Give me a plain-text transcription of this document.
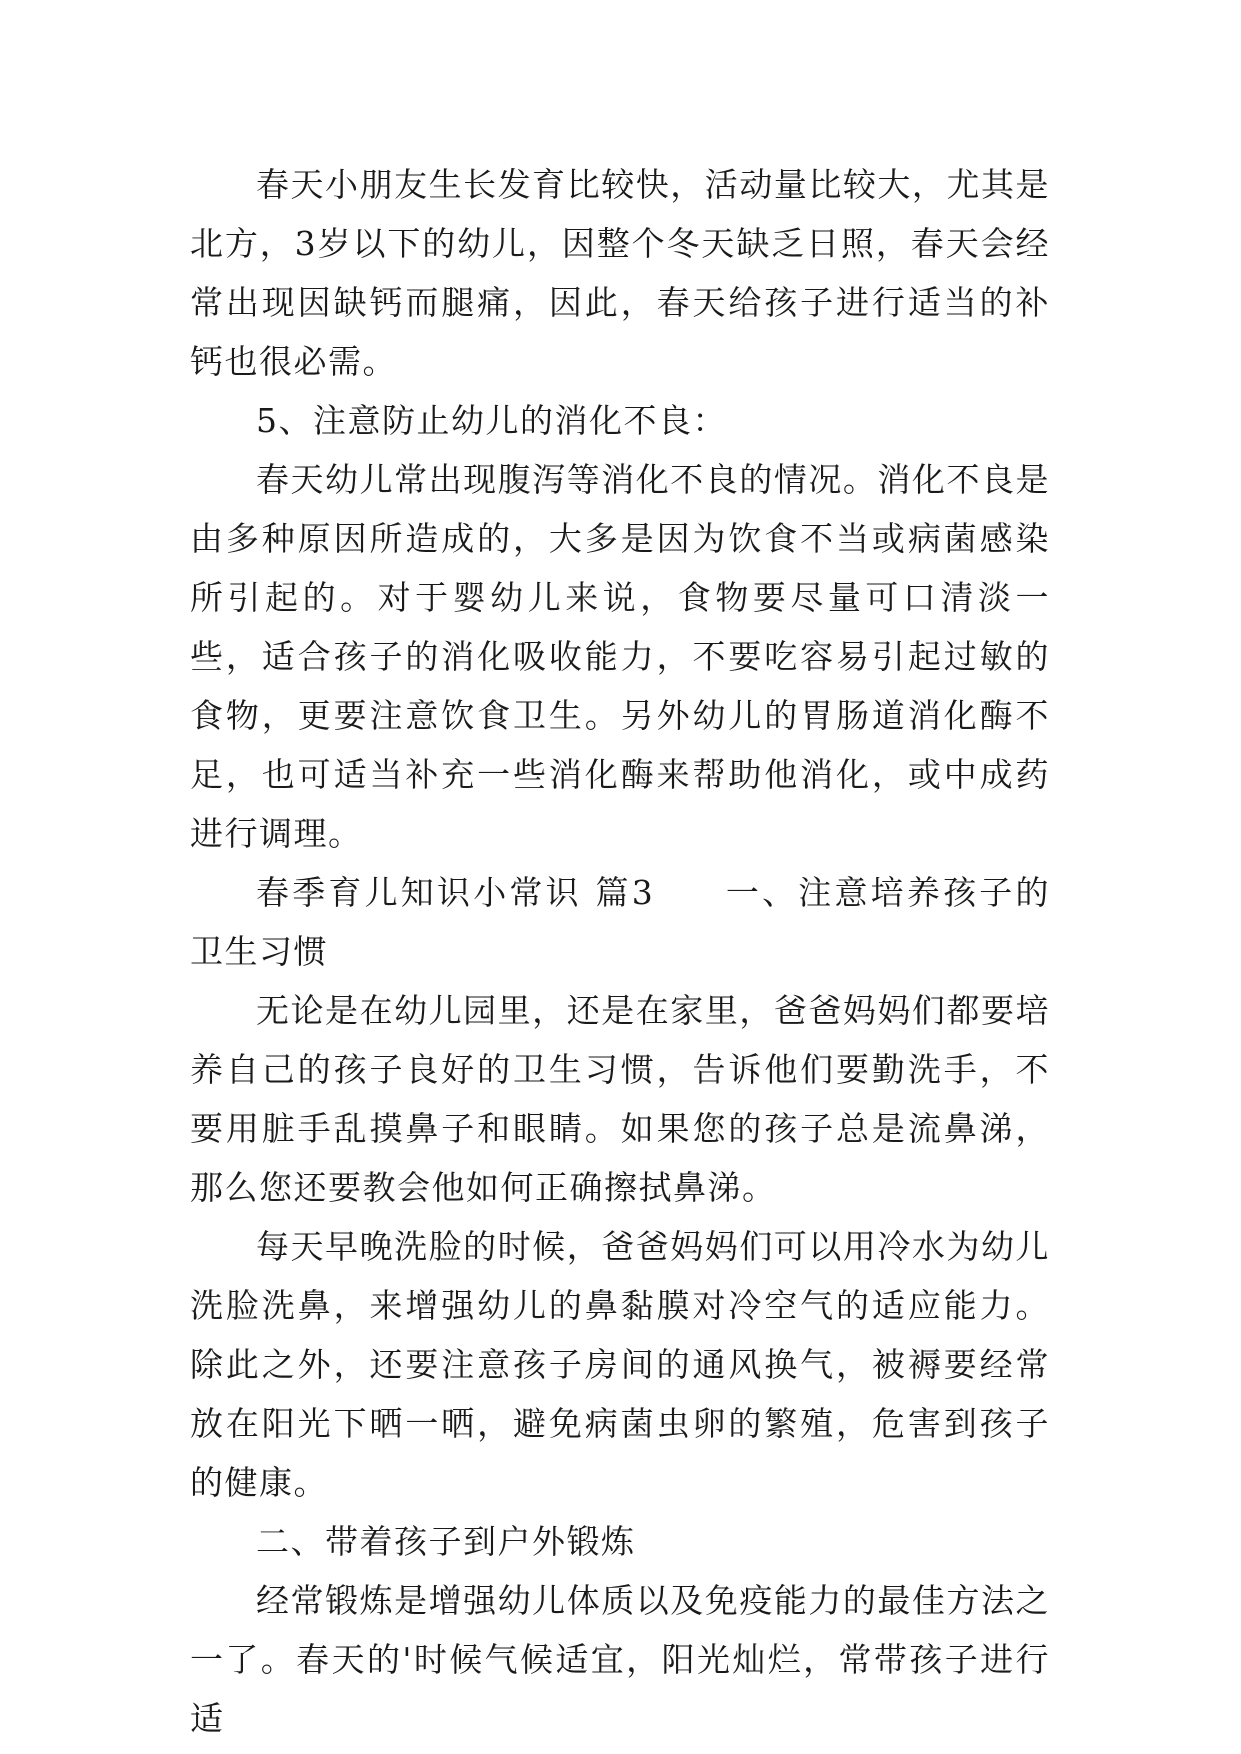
春天小朋友生长发育比较快，活动量比较大，尤其是北方，3岁以下的幼儿，因整个冬天缺乏日照，春天会经常出现因缺钙而腿痛，因此，春天给孩子进行适当的补钙也很必需。

5、注意防止幼儿的消化不良：

春天幼儿常出现腹泻等消化不良的情况。消化不良是由多种原因所造成的，大多是因为饮食不当或病菌感染所引起的。对于婴幼儿来说，食物要尽量可口清淡一些，适合孩子的消化吸收能力，不要吃容易引起过敏的食物，更要注意饮食卫生。另外幼儿的胃肠道消化酶不足，也可适当补充一些消化酶来帮助他消化，或中成药进行调理。

春季育儿知识小常识 篇3 一、注意培养孩子的卫生习惯

无论是在幼儿园里，还是在家里，爸爸妈妈们都要培养自己的孩子良好的卫生习惯，告诉他们要勤洗手，不要用脏手乱摸鼻子和眼睛。如果您的孩子总是流鼻涕，那么您还要教会他如何正确擦拭鼻涕。

每天早晚洗脸的时候，爸爸妈妈们可以用冷水为幼儿洗脸洗鼻，来增强幼儿的鼻黏膜对冷空气的适应能力。除此之外，还要注意孩子房间的通风换气，被褥要经常放在阳光下晒一晒，避免病菌虫卵的繁殖，危害到孩子的健康。

二、带着孩子到户外锻炼

经常锻炼是增强幼儿体质以及免疫能力的最佳方法之一了。春天的'时候气候适宜，阳光灿烂，常带孩子进行适
